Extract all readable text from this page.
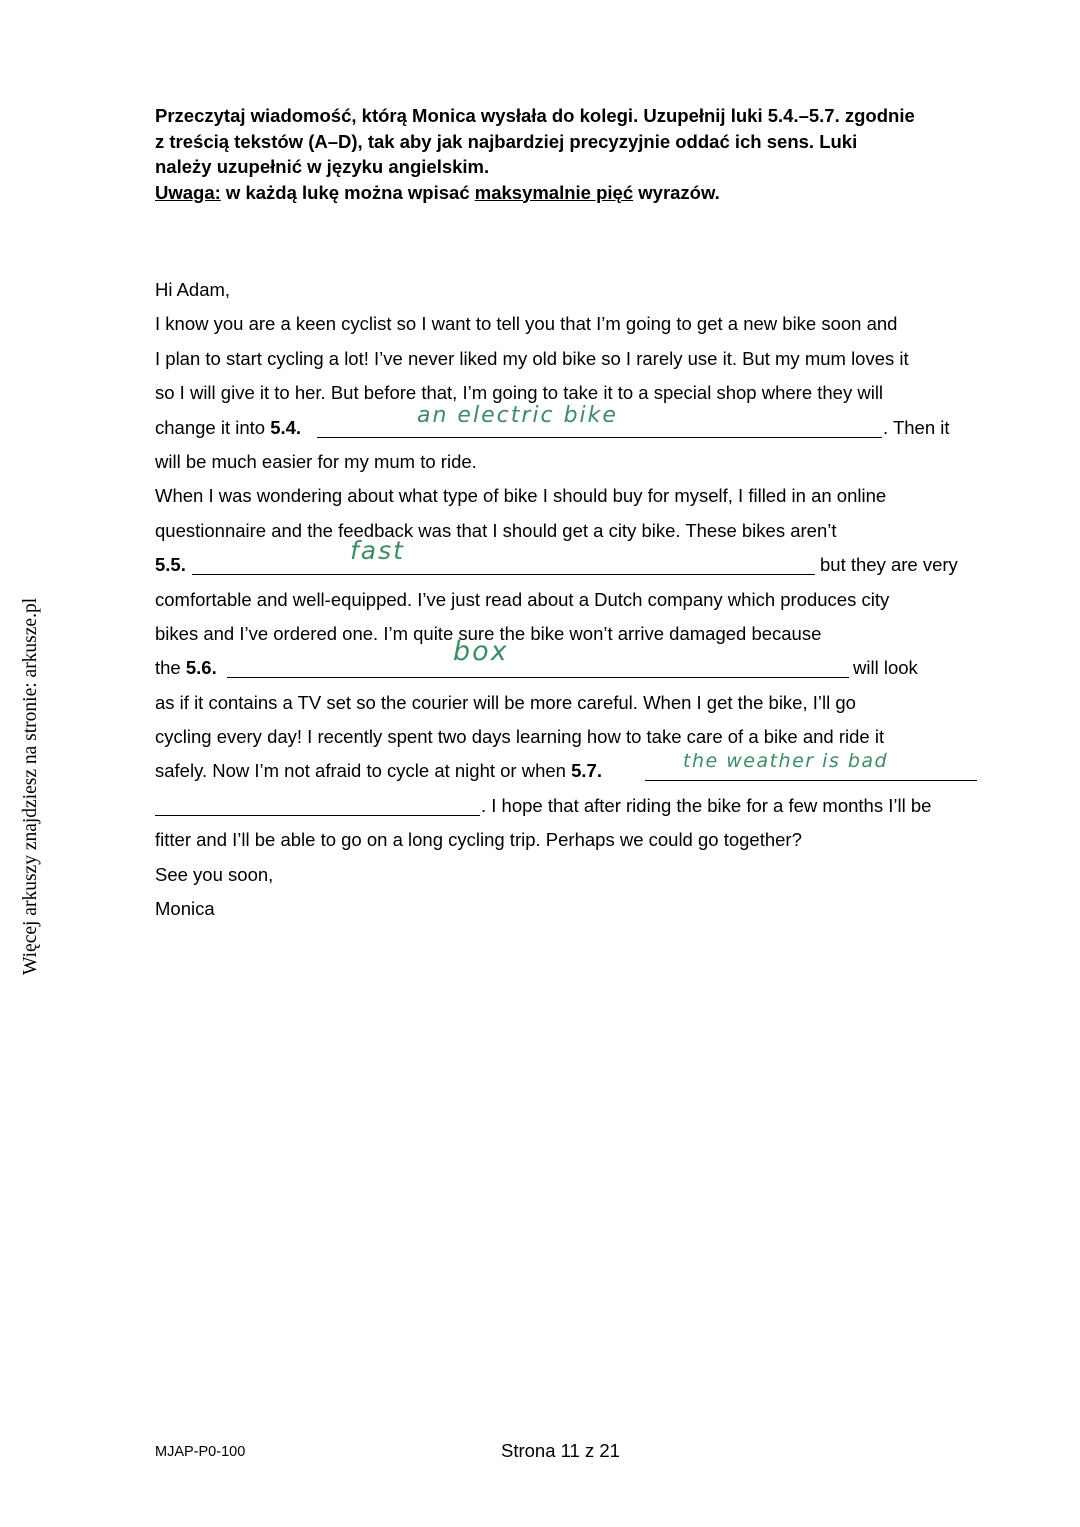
Więcej arkuszy znajdziesz na stronie: arkusze.pl

Przeczytaj wiadomość, którą Monica wysłała do kolegi. Uzupełnij luki 5.4.–5.7. zgodnie

z treścią tekstów (A–D), tak aby jak najbardziej precyzyjnie oddać ich sens. Luki

należy uzupełnić w języku angielskim.

Uwaga: w każdą lukę można wpisać maksymalnie pięć wyrazów.

Hi Adam,
I know you are a keen cyclist so I want to tell you that I’m going to get a new bike soon and
I plan to start cycling a lot! I’ve never liked my old bike so I rarely use it. But my mum loves it
so I will give it to her. But before that, I’m going to take it to a special shop where they will
change it into 5.4.	an electric bike	. Then it
will be much easier for my mum to ride.
When I was wondering about what type of bike I should buy for myself, I filled in an online
questionnaire and the feedback was that I should get a city bike. These bikes aren’t
5.5.	fast	but they are very
comfortable and well-equipped. I’ve just read about a Dutch company which produces city
bikes and I’ve ordered one. I’m quite sure the bike won’t arrive damaged because
the 5.6.
box
will look
as if it contains a TV set so the courier will be more careful. When I get the bike, I’ll go
cycling every day! I recently spent two days learning how to take care of a bike and ride it
safely. Now I’m not afraid to cycle at night or when 5.7.	the weather is bad
. I hope that after riding the bike for a few months I’ll be
fitter and I’ll be able to go on a long cycling trip. Perhaps we could go together?
See you soon,
Monica
MJAP-P0-100	Strona 11 z 21
